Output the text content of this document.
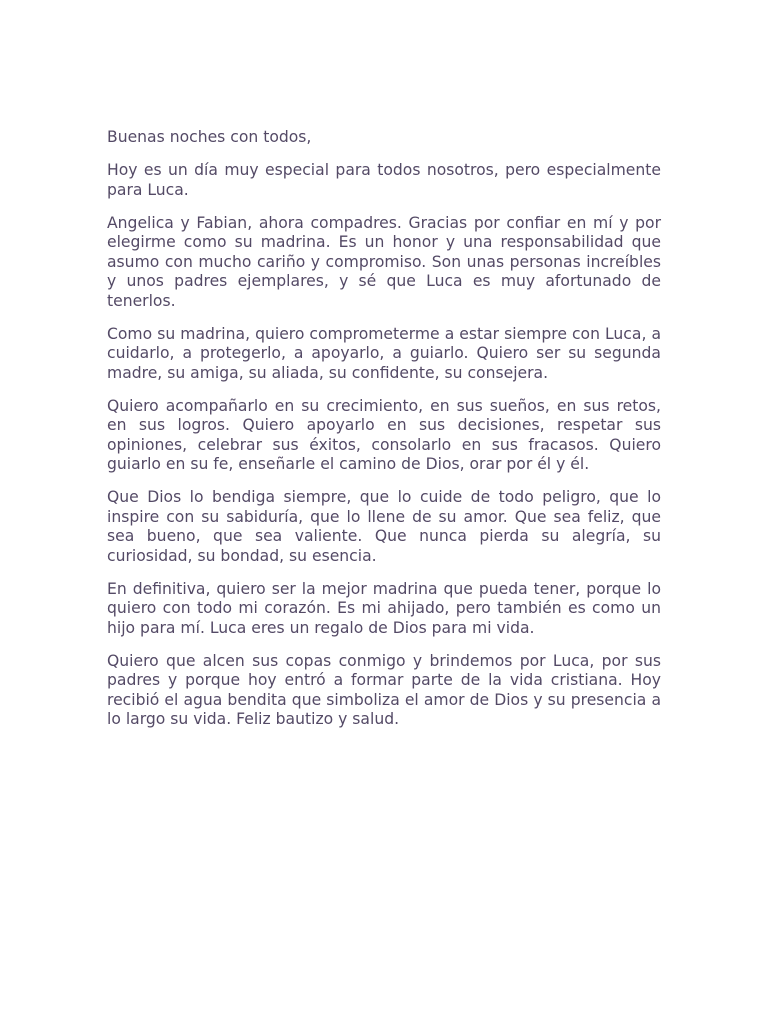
Buenas noches con todos,

Hoy es un día muy especial para todos nosotros, pero especialmente para Luca.

Angelica y Fabian, ahora compadres. Gracias por confiar en mí y por elegirme como su madrina. Es un honor y una responsabilidad que asumo con mucho cariño y compromiso. Son unas personas increíbles y unos padres ejemplares, y sé que Luca es muy afortunado de tenerlos.

Como su madrina, quiero comprometerme a estar siempre con Luca, a cuidarlo, a protegerlo, a apoyarlo, a guiarlo. Quiero ser su segunda madre, su amiga, su aliada, su confidente, su consejera.

Quiero acompañarlo en su crecimiento, en sus sueños, en sus retos, en sus logros. Quiero apoyarlo en sus decisiones, respetar sus opiniones, celebrar sus éxitos, consolarlo en sus fracasos. Quiero guiarlo en su fe, enseñarle el camino de Dios, orar por él y él.

Que Dios lo bendiga siempre, que lo cuide de todo peligro, que lo inspire con su sabiduría, que lo llene de su amor. Que sea feliz, que sea bueno, que sea valiente. Que nunca pierda su alegría, su curiosidad, su bondad, su esencia.

En definitiva, quiero ser la mejor madrina que pueda tener, porque lo quiero con todo mi corazón. Es mi ahijado, pero también es como un hijo para mí. Luca eres un regalo de Dios para mi vida.

Quiero que alcen sus copas conmigo y brindemos por Luca, por sus padres y porque hoy entró a formar parte de la vida cristiana. Hoy recibió el agua bendita que simboliza el amor de Dios y su presencia a lo largo su vida. Feliz bautizo y salud.
